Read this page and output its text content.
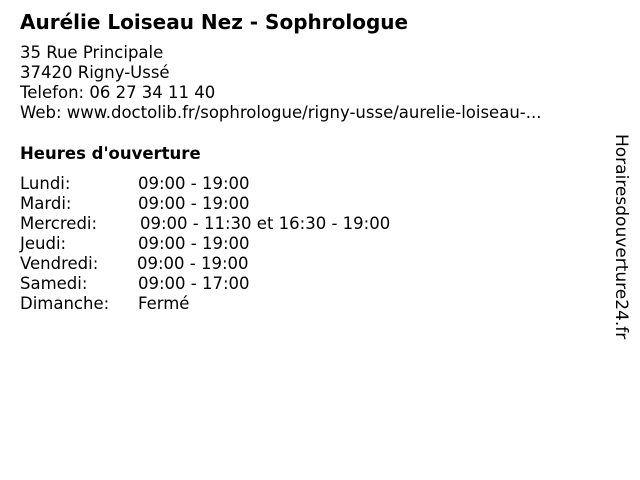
Aurélie Loiseau Nez - Sophrologue
35 Rue Principale
37420 Rigny-Ussé
Telefon: 06 27 34 11 40
Web: www.doctolib.fr/sophrologue/rigny-usse/aurelie-loiseau-...
Heures d'ouverture
Lundi:	09:00 - 19:00
Mardi:	09:00 - 19:00
Mercredi:	09:00 - 11:30 et 16:30 - 19:00
Jeudi:	09:00 - 19:00
Vendredi: 09:00 - 19:00
Samedi:	09:00 - 17:00
Dimanche: Fermé	Horairesdouverture24.fr
